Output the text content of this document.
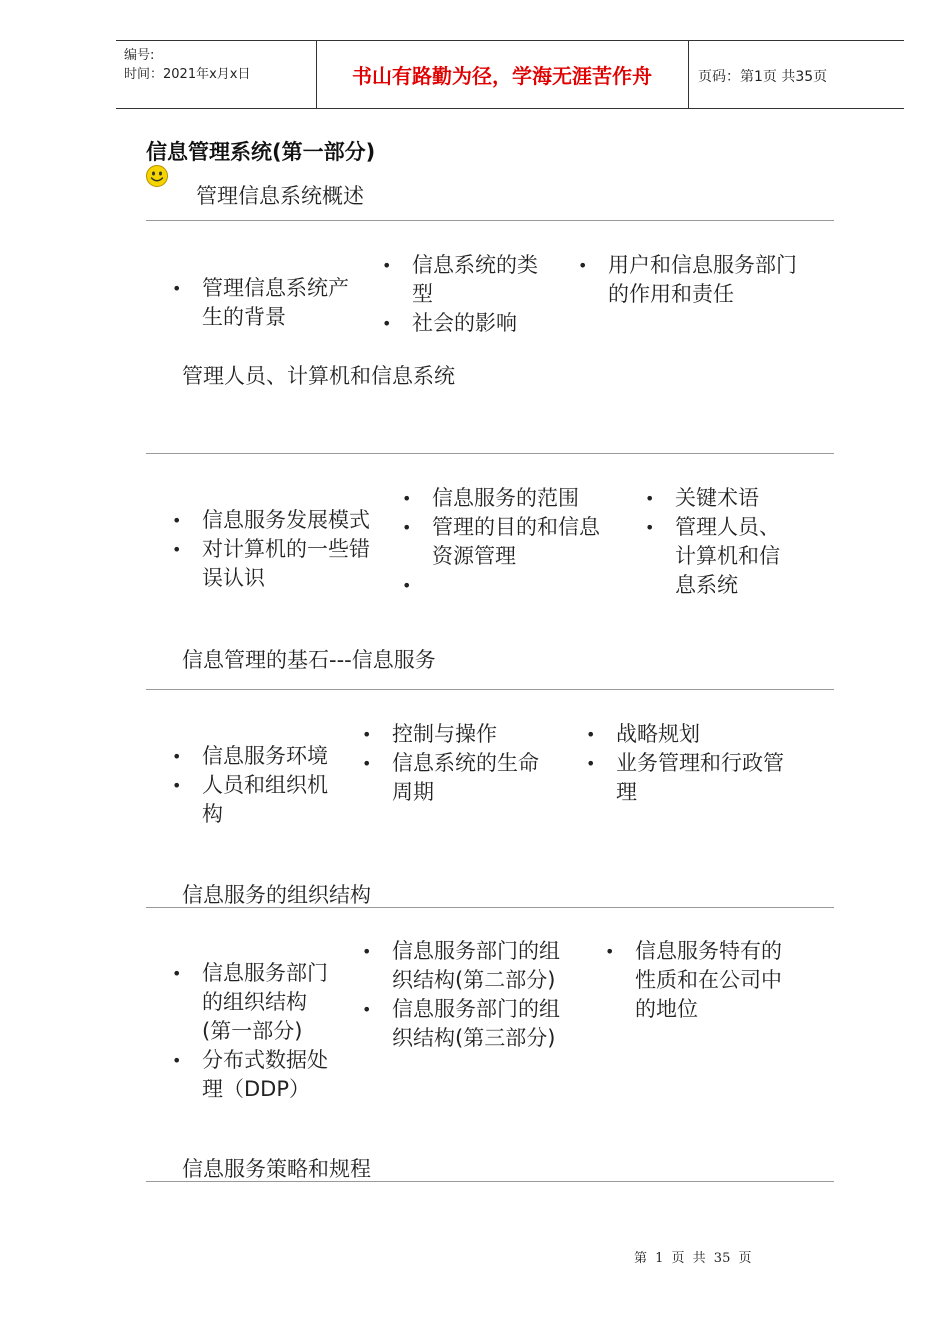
编号:
时间：2021年x月x日	书山有路勤为径，学海无涯苦作舟	页码：第1页 共35页
信息管理系统(第一部分)
管理信息系统概述
• 管理信息系统产生的背景
• 信息系统的类型
• 社会的影响
• 用户和信息服务部门的作用和责任
管理人员、计算机和信息系统
• 信息服务发展模式
• 对计算机的一些错误认识
• 信息服务的范围
• 管理的目的和信息资源管理
•
• 关键术语
• 管理人员、计算机和信息系统
信息管理的基石---信息服务
• 信息服务环境
• 人员和组织机构
• 控制与操作
• 信息系统的生命周期
• 战略规划
• 业务管理和行政管理
信息服务的组织结构
• 信息服务部门的组织结构(第一部分)
• 分布式数据处理（DDP）
• 信息服务部门的组织结构(第二部分)
• 信息服务部门的组织结构(第三部分)
• 信息服务特有的性质和在公司中的地位
信息服务策略和规程
第 1 页 共 35 页
